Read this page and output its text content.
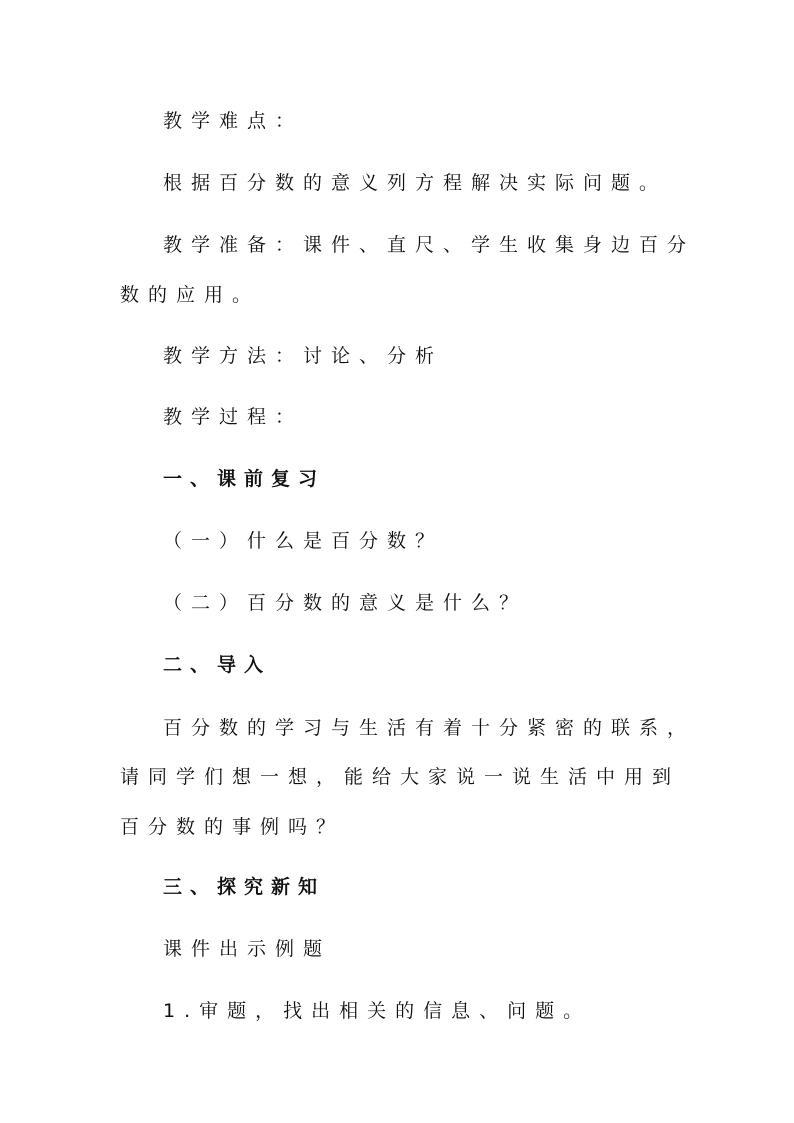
教学难点：
根据百分数的意义列方程解决实际问题。
教学准备：课件、直尺、学生收集身边百分
数的应用。
教学方法：讨论、分析
教学过程：
一、课前复习
（一）什么是百分数？
（二）百分数的意义是什么？
二、导入
百分数的学习与生活有着十分紧密的联系，
请同学们想一想，能给大家说一说生活中用到
百分数的事例吗？
三、探究新知
课件出示例题
1.审题，找出相关的信息、问题。
